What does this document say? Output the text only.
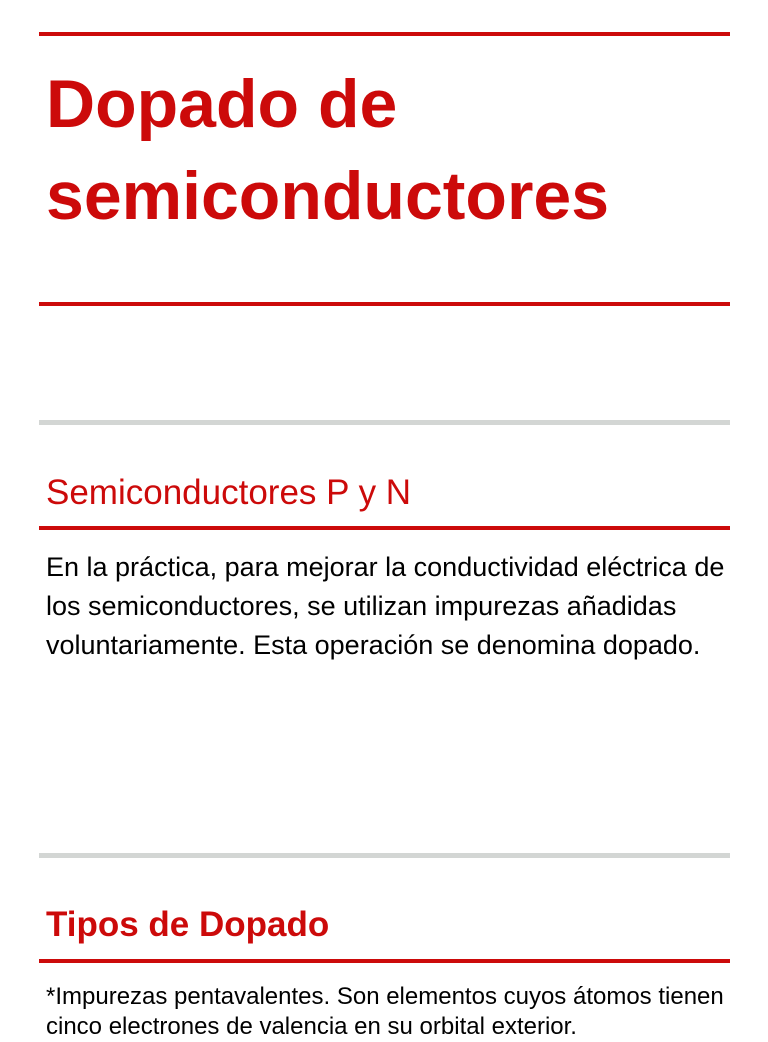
Dopado de semiconductores
Semiconductores P y N

En la práctica, para mejorar la conductividad eléctrica de los semiconductores, se utilizan impurezas añadidas voluntariamente. Esta operación se denomina dopado.

Tipos de Dopado

*Impurezas pentavalentes. Son elementos cuyos átomos tienen cinco electrones de valencia en su orbital exterior.
